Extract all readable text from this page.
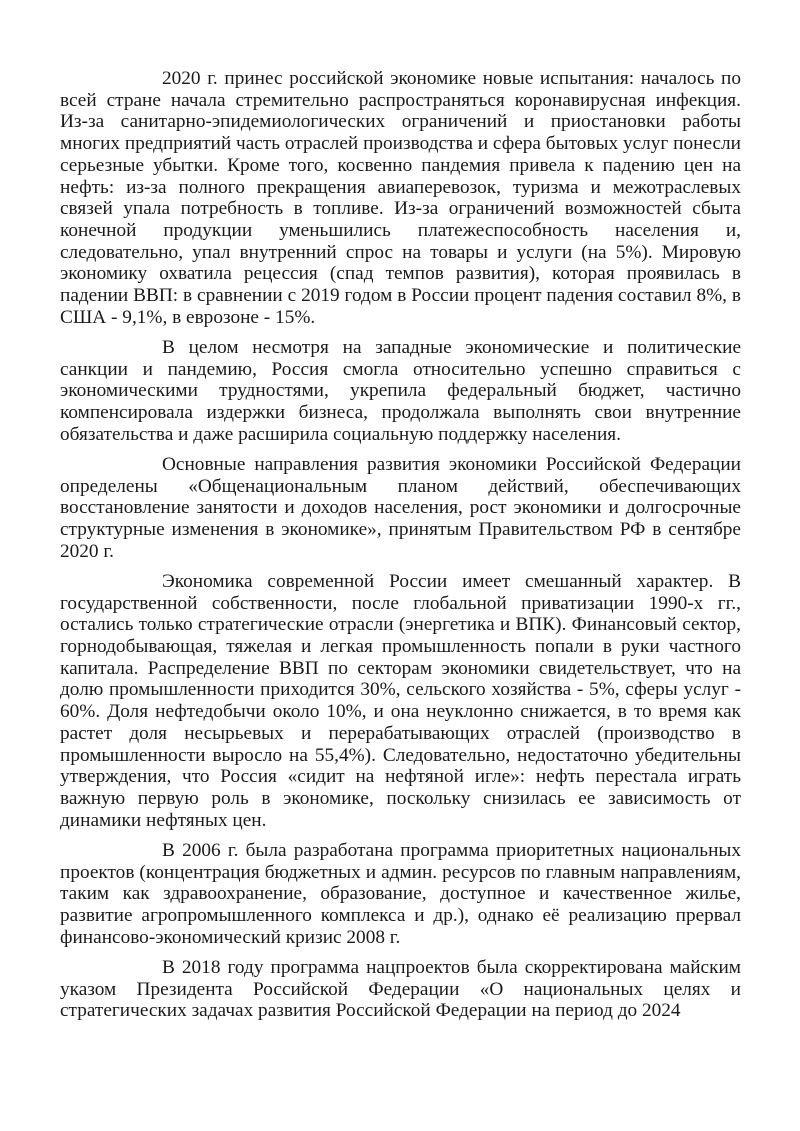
2020 г. принес российской экономике новые испытания: началось по всей стране начала стремительно распространяться коронавирусная инфекция. Из-за санитарно-эпидемиологических ограничений и приостановки работы многих предприятий часть отраслей производства и сфера бытовых услуг понесли серьезные убытки. Кроме того, косвенно пандемия привела к падению цен на нефть: из-за полного прекращения авиаперевозок, туризма и межотраслевых связей упала потребность в топливе. Из-за ограничений возможностей сбыта конечной продукции уменьшились платежеспособность населения и, следовательно, упал внутренний спрос на товары и услуги (на 5%). Мировую экономику охватила рецессия (спад темпов развития), которая проявилась в падении ВВП: в сравнении с 2019 годом в России процент падения составил 8%, в США - 9,1%, в еврозоне - 15%.

В целом несмотря на западные экономические и политические санкции и пандемию, Россия смогла относительно успешно справиться с экономическими трудностями, укрепила федеральный бюджет, частично компенсировала издержки бизнеса, продолжала выполнять свои внутренние обязательства и даже расширила социальную поддержку населения.

Основные направления развития экономики Российской Федерации определены «Общенациональным планом действий, обеспечивающих восстановление занятости и доходов населения, рост экономики и долгосрочные структурные изменения в экономике», принятым Правительством РФ в сентябре 2020 г.

Экономика современной России имеет смешанный характер. В государственной собственности, после глобальной приватизации 1990-х гг., остались только стратегические отрасли (энергетика и ВПК). Финансовый сектор, горнодобывающая, тяжелая и легкая промышленность попали в руки частного капитала. Распределение ВВП по секторам экономики свидетельствует, что на долю промышленности приходится 30%, сельского хозяйства - 5%, сферы услуг - 60%. Доля нефтедобычи около 10%, и она неуклонно снижается, в то время как растет доля несырьевых и перерабатывающих отраслей (производство в промышленности выросло на 55,4%). Следовательно, недостаточно убедительны утверждения, что Россия «сидит на нефтяной игле»: нефть перестала играть важную первую роль в экономике, поскольку снизилась ее зависимость от динамики нефтяных цен.

В 2006 г. была разработана программа приоритетных национальных проектов (концентрация бюджетных и админ. ресурсов по главным направлениям, таким как здравоохранение, образование, доступное и качественное жилье, развитие агропромышленного комплекса и др.), однако её реализацию прервал финансово-экономический кризис 2008 г.

В 2018 году программа нацпроектов была скорректирована майским указом Президента Российской Федерации «О национальных целях и стратегических задачах развития Российской Федерации на период до 2024
